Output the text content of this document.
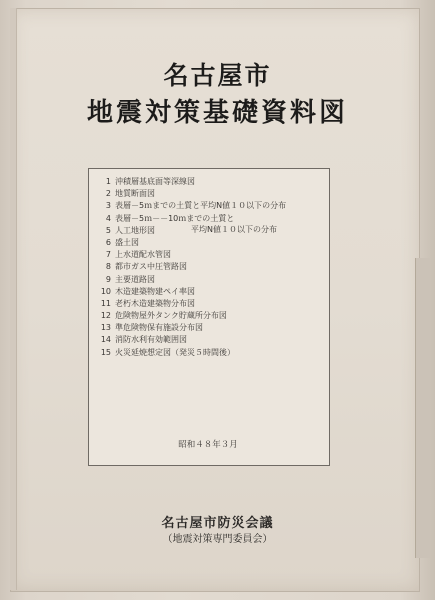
名古屋市
地震対策基礎資料図
1 沖積層基底面等深線図
2 地質断面図
3 表層－5ｍまでの土質と平均N値１０以下の分布
4 表層－5ｍ－－10ｍまでの土質と
5 人工地形図
6 盛土図
7 上水道配水管図
8 都市ガス中圧管路図
9 主要道路図
10 木造建築物建ペイ率図
11 老朽木造建築物分布図
12 危険物屋外タンク貯蔵所分布図
13 準危険物保有施設分布図
14 消防水利有効範囲図
15 火災延焼想定図（発災５時間後）
平均N値１０以下の分布
昭和４８年３月
名古屋市防災会議
（地震対策専門委員会）
